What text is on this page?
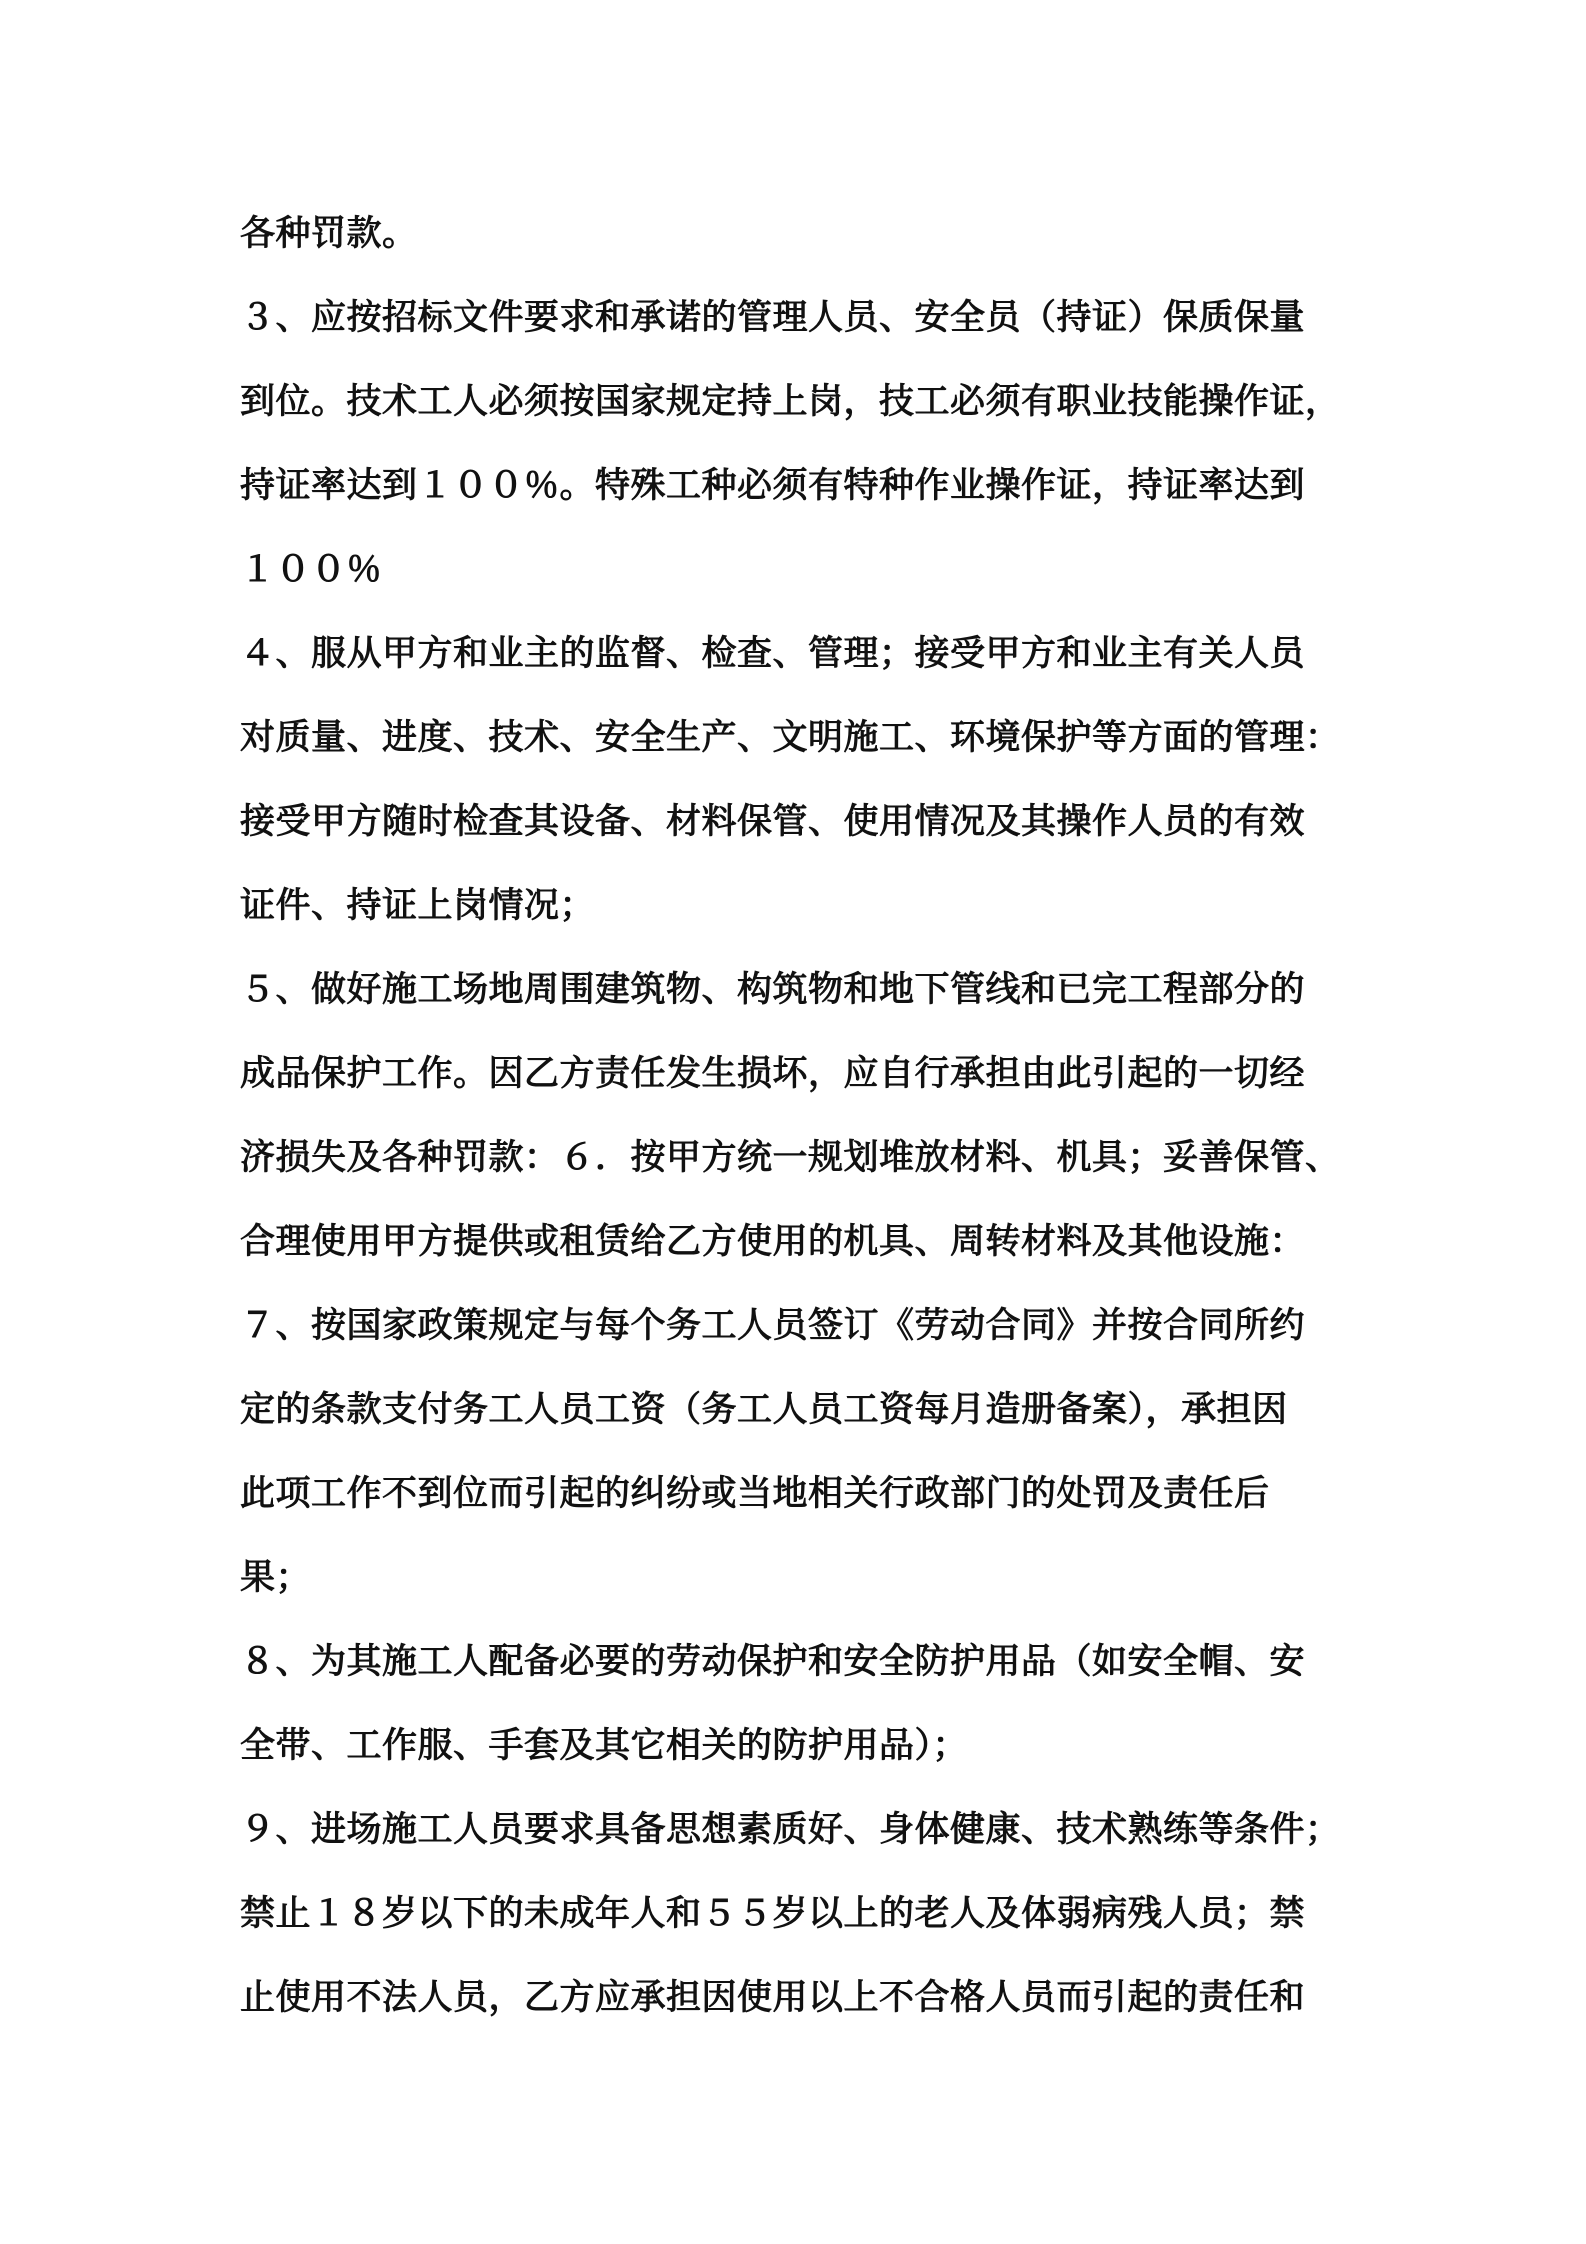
各种罚款。
３、应按招标文件要求和承诺的管理人员、安全员（持证）保质保量
到位。技术工人必须按国家规定持上岗，技工必须有职业技能操作证，
持证率达到１００％。特殊工种必须有特种作业操作证，持证率达到
１００％
４、服从甲方和业主的监督、检查、管理；接受甲方和业主有关人员
对质量、进度、技术、安全生产、文明施工、环境保护等方面的管理：
接受甲方随时检查其设备、材料保管、使用情况及其操作人员的有效
证件、持证上岗情况；
５、做好施工场地周围建筑物、构筑物和地下管线和已完工程部分的
成品保护工作。因乙方责任发生损坏，应自行承担由此引起的一切经
济损失及各种罚款：６．按甲方统一规划堆放材料、机具；妥善保管、
合理使用甲方提供或租赁给乙方使用的机具、周转材料及其他设施：
７、按国家政策规定与每个务工人员签订《劳动合同》并按合同所约
定的条款支付务工人员工资（务工人员工资每月造册备案），承担因
此项工作不到位而引起的纠纷或当地相关行政部门的处罚及责任后
果；
８、为其施工人配备必要的劳动保护和安全防护用品（如安全帽、安
全带、工作服、手套及其它相关的防护用品）；
９、进场施工人员要求具备思想素质好、身体健康、技术熟练等条件；
禁止１８岁以下的未成年人和５５岁以上的老人及体弱病残人员；禁
止使用不法人员，乙方应承担因使用以上不合格人员而引起的责任和
